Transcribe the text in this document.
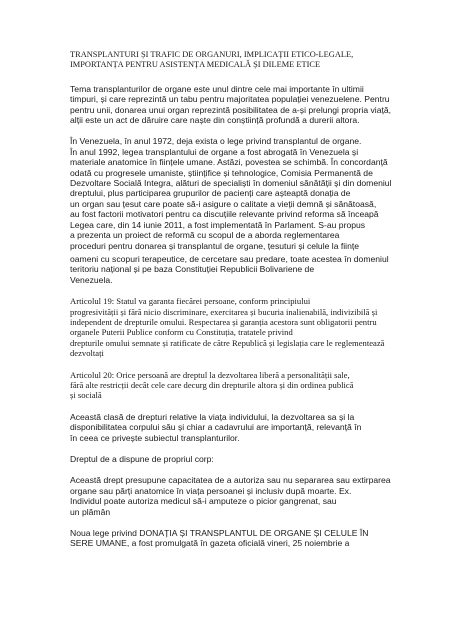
TRANSPLANTURI ȘI TRAFIC DE ORGANURI, IMPLICAȚII ETICO-LEGALE,
IMPORTANȚA PENTRU ASISTENȚA MEDICALĂ ȘI DILEME ETICE
Tema transplanturilor de organe este unul dintre cele mai importante în ultimii
timpuri, și care reprezintă un tabu pentru majoritatea populației venezuelene. Pentru
pentru unii, donarea unui organ reprezintă posibilitatea de a-și prelungi propria viață,
alții este un act de dăruire care naște din conștiință profundă a durerii altora.
În Venezuela, în anul 1972, deja exista o lege privind transplantul de organe.
În anul 1992, legea transplantului de organe a fost abrogată în Venezuela și
materiale anatomice în ființele umane. Astăzi, povestea se schimbă. În concordanță
odată cu progresele umaniste, științifice și tehnologice, Comisia Permanentă de
Dezvoltare Socială Integra, alături de specialiști în domeniul sănătății și din domeniul
dreptului, plus participarea grupurilor de pacienți care așteaptă donația de
un organ sau țesut care poate să-i asigure o calitate a vieții demnă și sănătoasă,
au fost factorii motivatori pentru ca discuțiile relevante privind reforma să înceapă
Legea care, din 14 iunie 2011, a fost implementată în Parlament. S-au propus
a prezenta un proiect de reformă cu scopul de a aborda reglementarea
proceduri pentru donarea și transplantul de organe, țesuturi și celule la ființe
oameni cu scopuri terapeutice, de cercetare sau predare, toate acestea în domeniul
teritoriu național și pe baza Constituției Republicii Bolivariene de
Venezuela.
Articolul 19: Statul va garanta fiecărei persoane, conform principiului
progresivității și fără nicio discriminare, exercitarea și bucuria inalienabilă, indivizibilă și
independent de drepturile omului. Respectarea și garanția acestora sunt obligatorii pentru
organele Puterii Publice conform cu Constituția, tratatele privind
drepturile omului semnate și ratificate de către Republică și legislația care le reglementează
dezvoltați
Articolul 20: Orice persoană are dreptul la dezvoltarea liberă a personalității sale,
fără alte restricții decât cele care decurg din drepturile altora și din ordinea publică
și socială
Această clasă de drepturi relative la viața individului, la dezvoltarea sa și la
disponibilitatea corpului său și chiar a cadavrului are importanță, relevanță în
în ceea ce privește subiectul transplanturilor.
Dreptul de a dispune de propriul corp:
Această drept presupune capacitatea de a autoriza sau nu separarea sau extirparea
organe sau părți anatomice în viața persoanei și inclusiv după moarte. Ex.
Individul poate autoriza medicul să-i amputeze o picior gangrenat, sau
un plămân
Noua lege privind DONAȚIA ȘI TRANSPLANTUL DE ORGANE ȘI CELULE ÎN
SERE UMANE, a fost promulgată în gazeta oficială vineri, 25 noiembrie a
